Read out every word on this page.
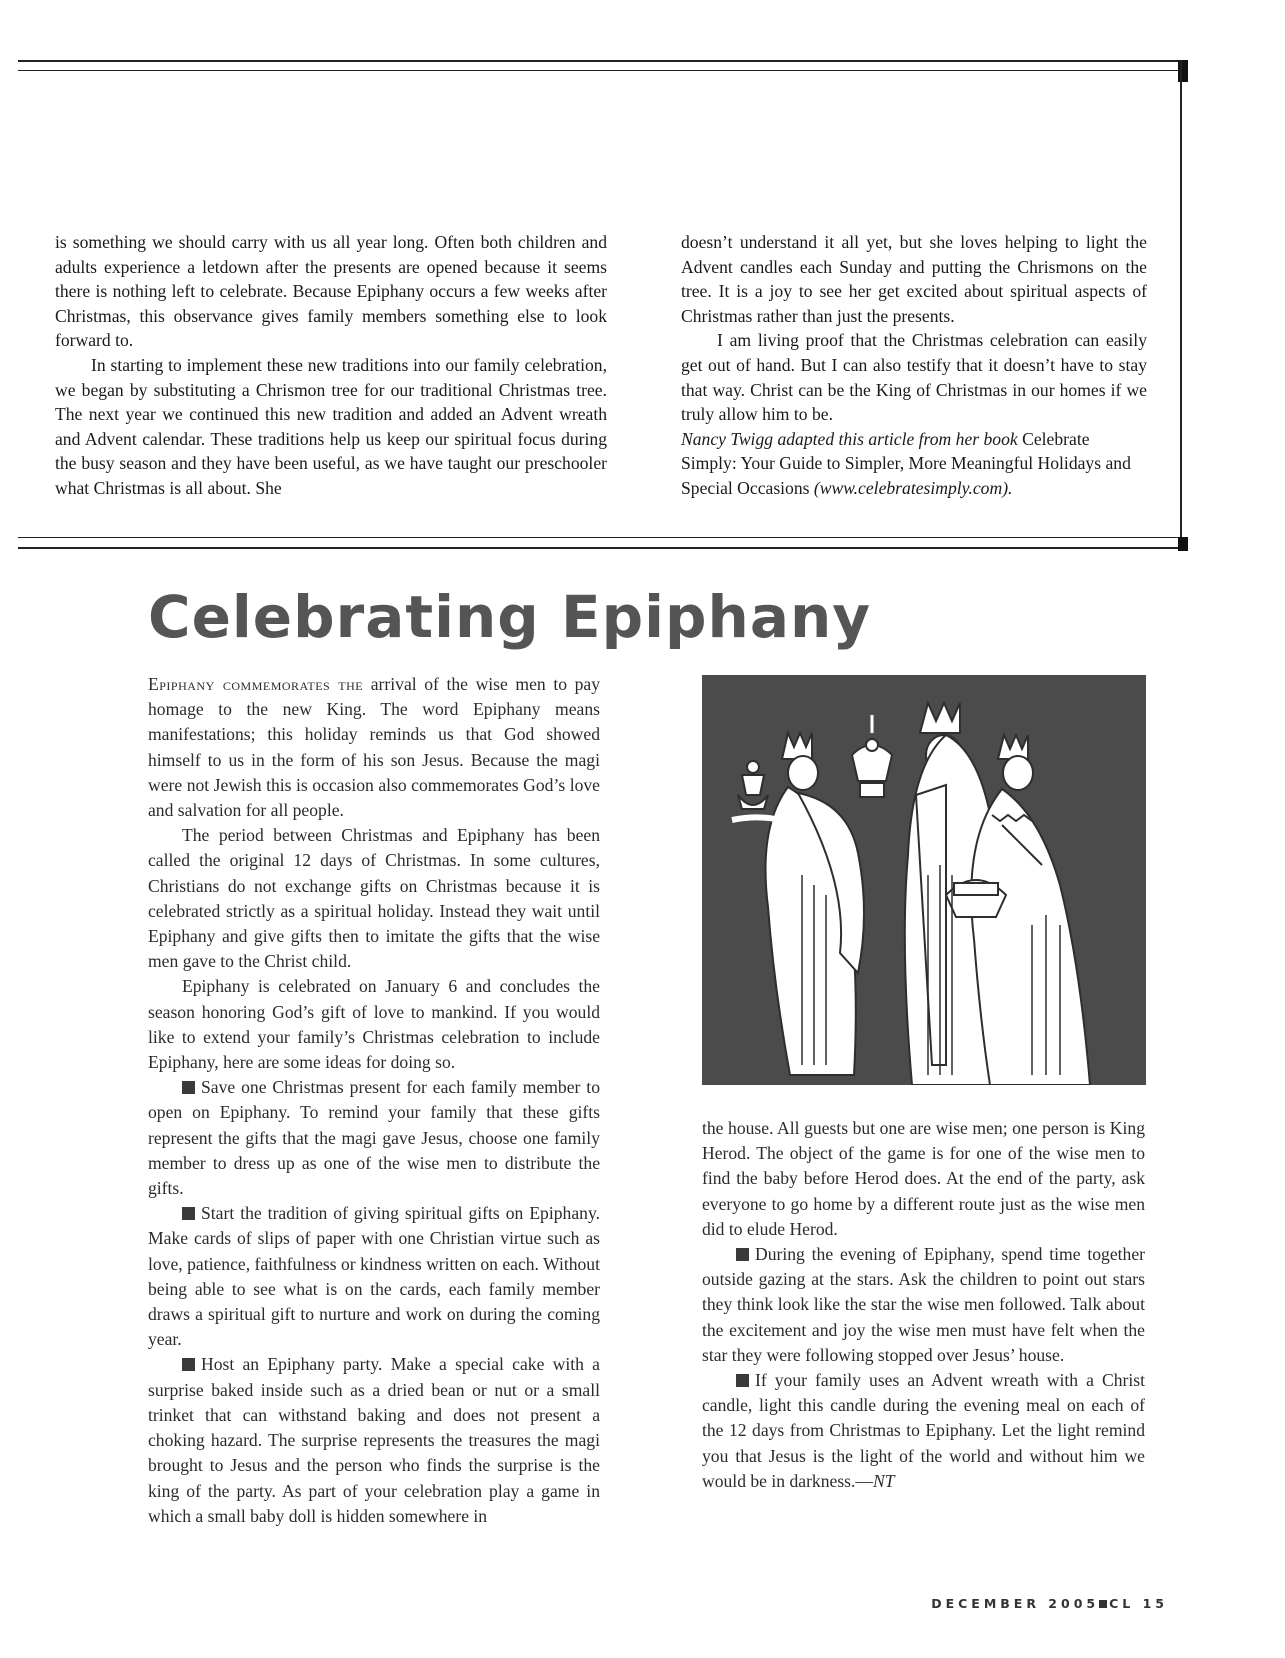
is something we should carry with us all year long. Often both children and adults experience a letdown after the presents are opened because it seems there is nothing left to celebrate. Because Epiphany occurs a few weeks after Christmas, this observance gives family members something else to look forward to.

In starting to implement these new traditions into our family celebration, we began by substituting a Chrismon tree for our traditional Christmas tree. The next year we continued this new tradition and added an Advent wreath and Advent calendar. These traditions help us keep our spiritual focus during the busy season and they have been useful, as we have taught our preschooler what Christmas is all about. She

doesn’t understand it all yet, but she loves helping to light the Advent candles each Sunday and putting the Chrismons on the tree. It is a joy to see her get excited about spiritual aspects of Christmas rather than just the presents.

I am living proof that the Christmas celebration can easily get out of hand. But I can also testify that it doesn’t have to stay that way. Christ can be the King of Christmas in our homes if we truly allow him to be.

Nancy Twigg adapted this article from her book Celebrate Simply: Your Guide to Simpler, More Meaningful Holidays and Special Occasions (www.celebratesimply.com).

Celebrating Epiphany

Epiphany commemorates the arrival of the wise men to pay homage to the new King. The word Epiphany means manifestations; this holiday reminds us that God showed himself to us in the form of his son Jesus. Because the magi were not Jewish this is occasion also commemorates God’s love and salvation for all people.

The period between Christmas and Epiphany has been called the original 12 days of Christmas. In some cultures, Christians do not exchange gifts on Christmas because it is celebrated strictly as a spiritual holiday. Instead they wait until Epiphany and give gifts then to imitate the gifts that the wise men gave to the Christ child.

Epiphany is celebrated on January 6 and concludes the season honoring God’s gift of love to mankind. If you would like to extend your family’s Christmas celebration to include Epiphany, here are some ideas for doing so.

Save one Christmas present for each family member to open on Epiphany. To remind your family that these gifts represent the gifts that the magi gave Jesus, choose one family member to dress up as one of the wise men to distribute the gifts.

Start the tradition of giving spiritual gifts on Epiphany. Make cards of slips of paper with one Christian virtue such as love, patience, faithfulness or kindness written on each. Without being able to see what is on the cards, each family member draws a spiritual gift to nurture and work on during the coming year.

Host an Epiphany party. Make a special cake with a surprise baked inside such as a dried bean or nut or a small trinket that can withstand baking and does not present a choking hazard. The surprise represents the treasures the magi brought to Jesus and the person who finds the surprise is the king of the party. As part of your celebration play a game in which a small baby doll is hidden somewhere in

the house. All guests but one are wise men; one person is King Herod. The object of the game is for one of the wise men to find the baby before Herod does. At the end of the party, ask everyone to go home by a different route just as the wise men did to elude Herod.

During the evening of Epiphany, spend time together outside gazing at the stars. Ask the children to point out stars they think look like the star the wise men followed. Talk about the excitement and joy the wise men must have felt when the star they were following stopped over Jesus’ house.

If your family uses an Advent wreath with a Christ candle, light this candle during the evening meal on each of the 12 days from Christmas to Epiphany. Let the light remind you that Jesus is the light of the world and without him we would be in darkness.—NT

DECEMBER 2005 CL 15
